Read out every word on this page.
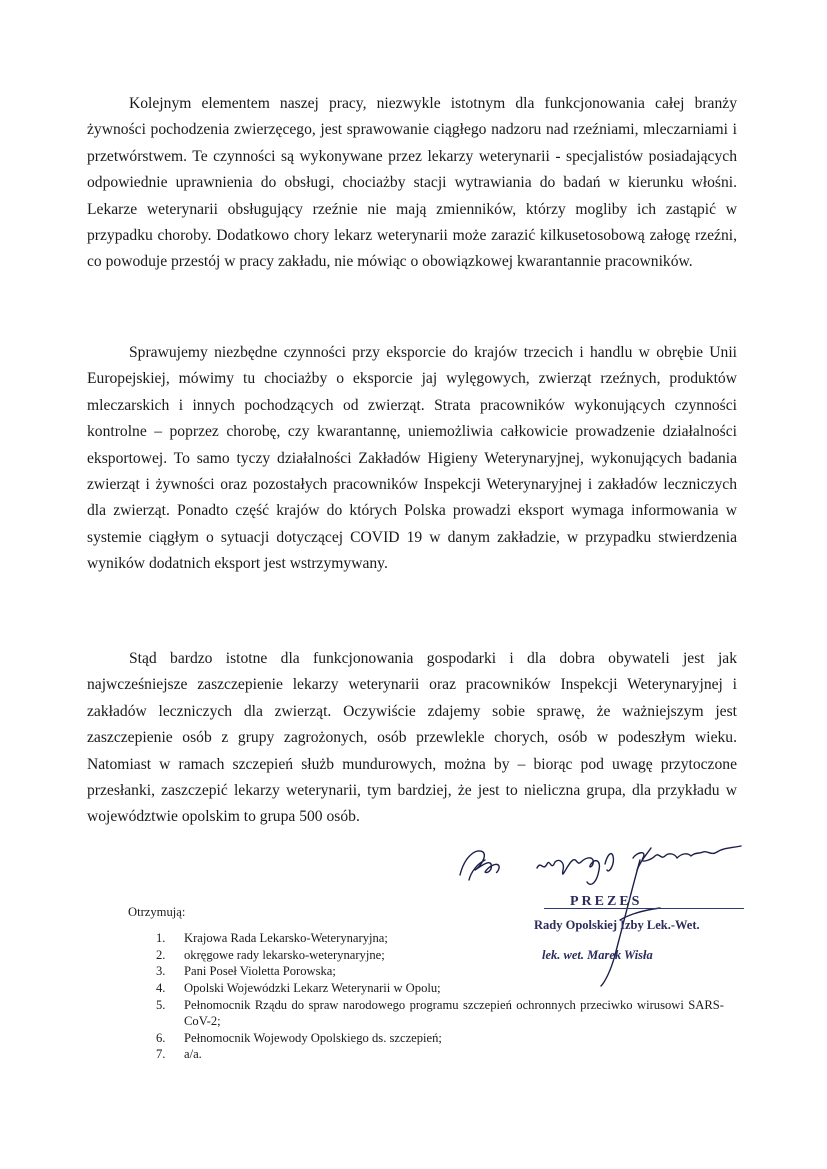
Kolejnym elementem naszej pracy, niezwykle istotnym dla funkcjonowania całej branży żywności pochodzenia zwierzęcego, jest sprawowanie ciągłego nadzoru nad rzeźniami, mleczarniami i przetwórstwem. Te czynności są wykonywane przez lekarzy weterynarii - specjalistów posiadających odpowiednie uprawnienia do obsługi, chociażby stacji wytrawiania do badań w kierunku włośni. Lekarze weterynarii obsługujący rzeźnie nie mają zmienników, którzy mogliby ich zastąpić w przypadku choroby. Dodatkowo chory lekarz weterynarii może zarazić kilkusetosobową załogę rzeźni, co powoduje przestój w pracy zakładu, nie mówiąc o obowiązkowej kwarantannie pracowników.

Sprawujemy niezbędne czynności przy eksporcie do krajów trzecich i handlu w obrębie Unii Europejskiej, mówimy tu chociażby o eksporcie jaj wylęgowych, zwierząt rzeźnych, produktów mleczarskich i innych pochodzących od zwierząt. Strata pracowników wykonujących czynności kontrolne – poprzez chorobę, czy kwarantannę, uniemożliwia całkowicie prowadzenie działalności eksportowej. To samo tyczy działalności Zakładów Higieny Weterynaryjnej, wykonujących badania zwierząt i żywności oraz pozostałych pracowników Inspekcji Weterynaryjnej i zakładów leczniczych dla zwierząt. Ponadto część krajów do których Polska prowadzi eksport wymaga informowania w systemie ciągłym o sytuacji dotyczącej COVID 19 w danym zakładzie, w przypadku stwierdzenia wyników dodatnich eksport jest wstrzymywany.

Stąd bardzo istotne dla funkcjonowania gospodarki i dla dobra obywateli jest jak najwcześniejsze zaszczepienie lekarzy weterynarii oraz pracowników Inspekcji Weterynaryjnej i zakładów leczniczych dla zwierząt. Oczywiście zdajemy sobie sprawę, że ważniejszym jest zaszczepienie osób z grupy zagrożonych, osób przewlekle chorych, osób w podeszłym wieku. Natomiast w ramach szczepień służb mundurowych, można by – biorąc pod uwagę przytoczone przesłanki, zaszczepić lekarzy weterynarii, tym bardziej, że jest to nieliczna grupa, dla przykładu w województwie opolskim to grupa 500 osób.

PREZES
Rady Opolskiej Izby Lek.-Wet.
lek. wet. Marek Wisła

Otrzymują:

1. Krajowa Rada Lekarsko-Weterynaryjna;
2. okręgowe rady lekarsko-weterynaryjne;
3. Pani Poseł Violetta Porowska;
4. Opolski Wojewódzki Lekarz Weterynarii w Opolu;
5. Pełnomocnik Rządu do spraw narodowego programu szczepień ochronnych przeciwko wirusowi SARS-CoV-2;
6. Pełnomocnik Wojewody Opolskiego ds. szczepień;
7. a/a.
